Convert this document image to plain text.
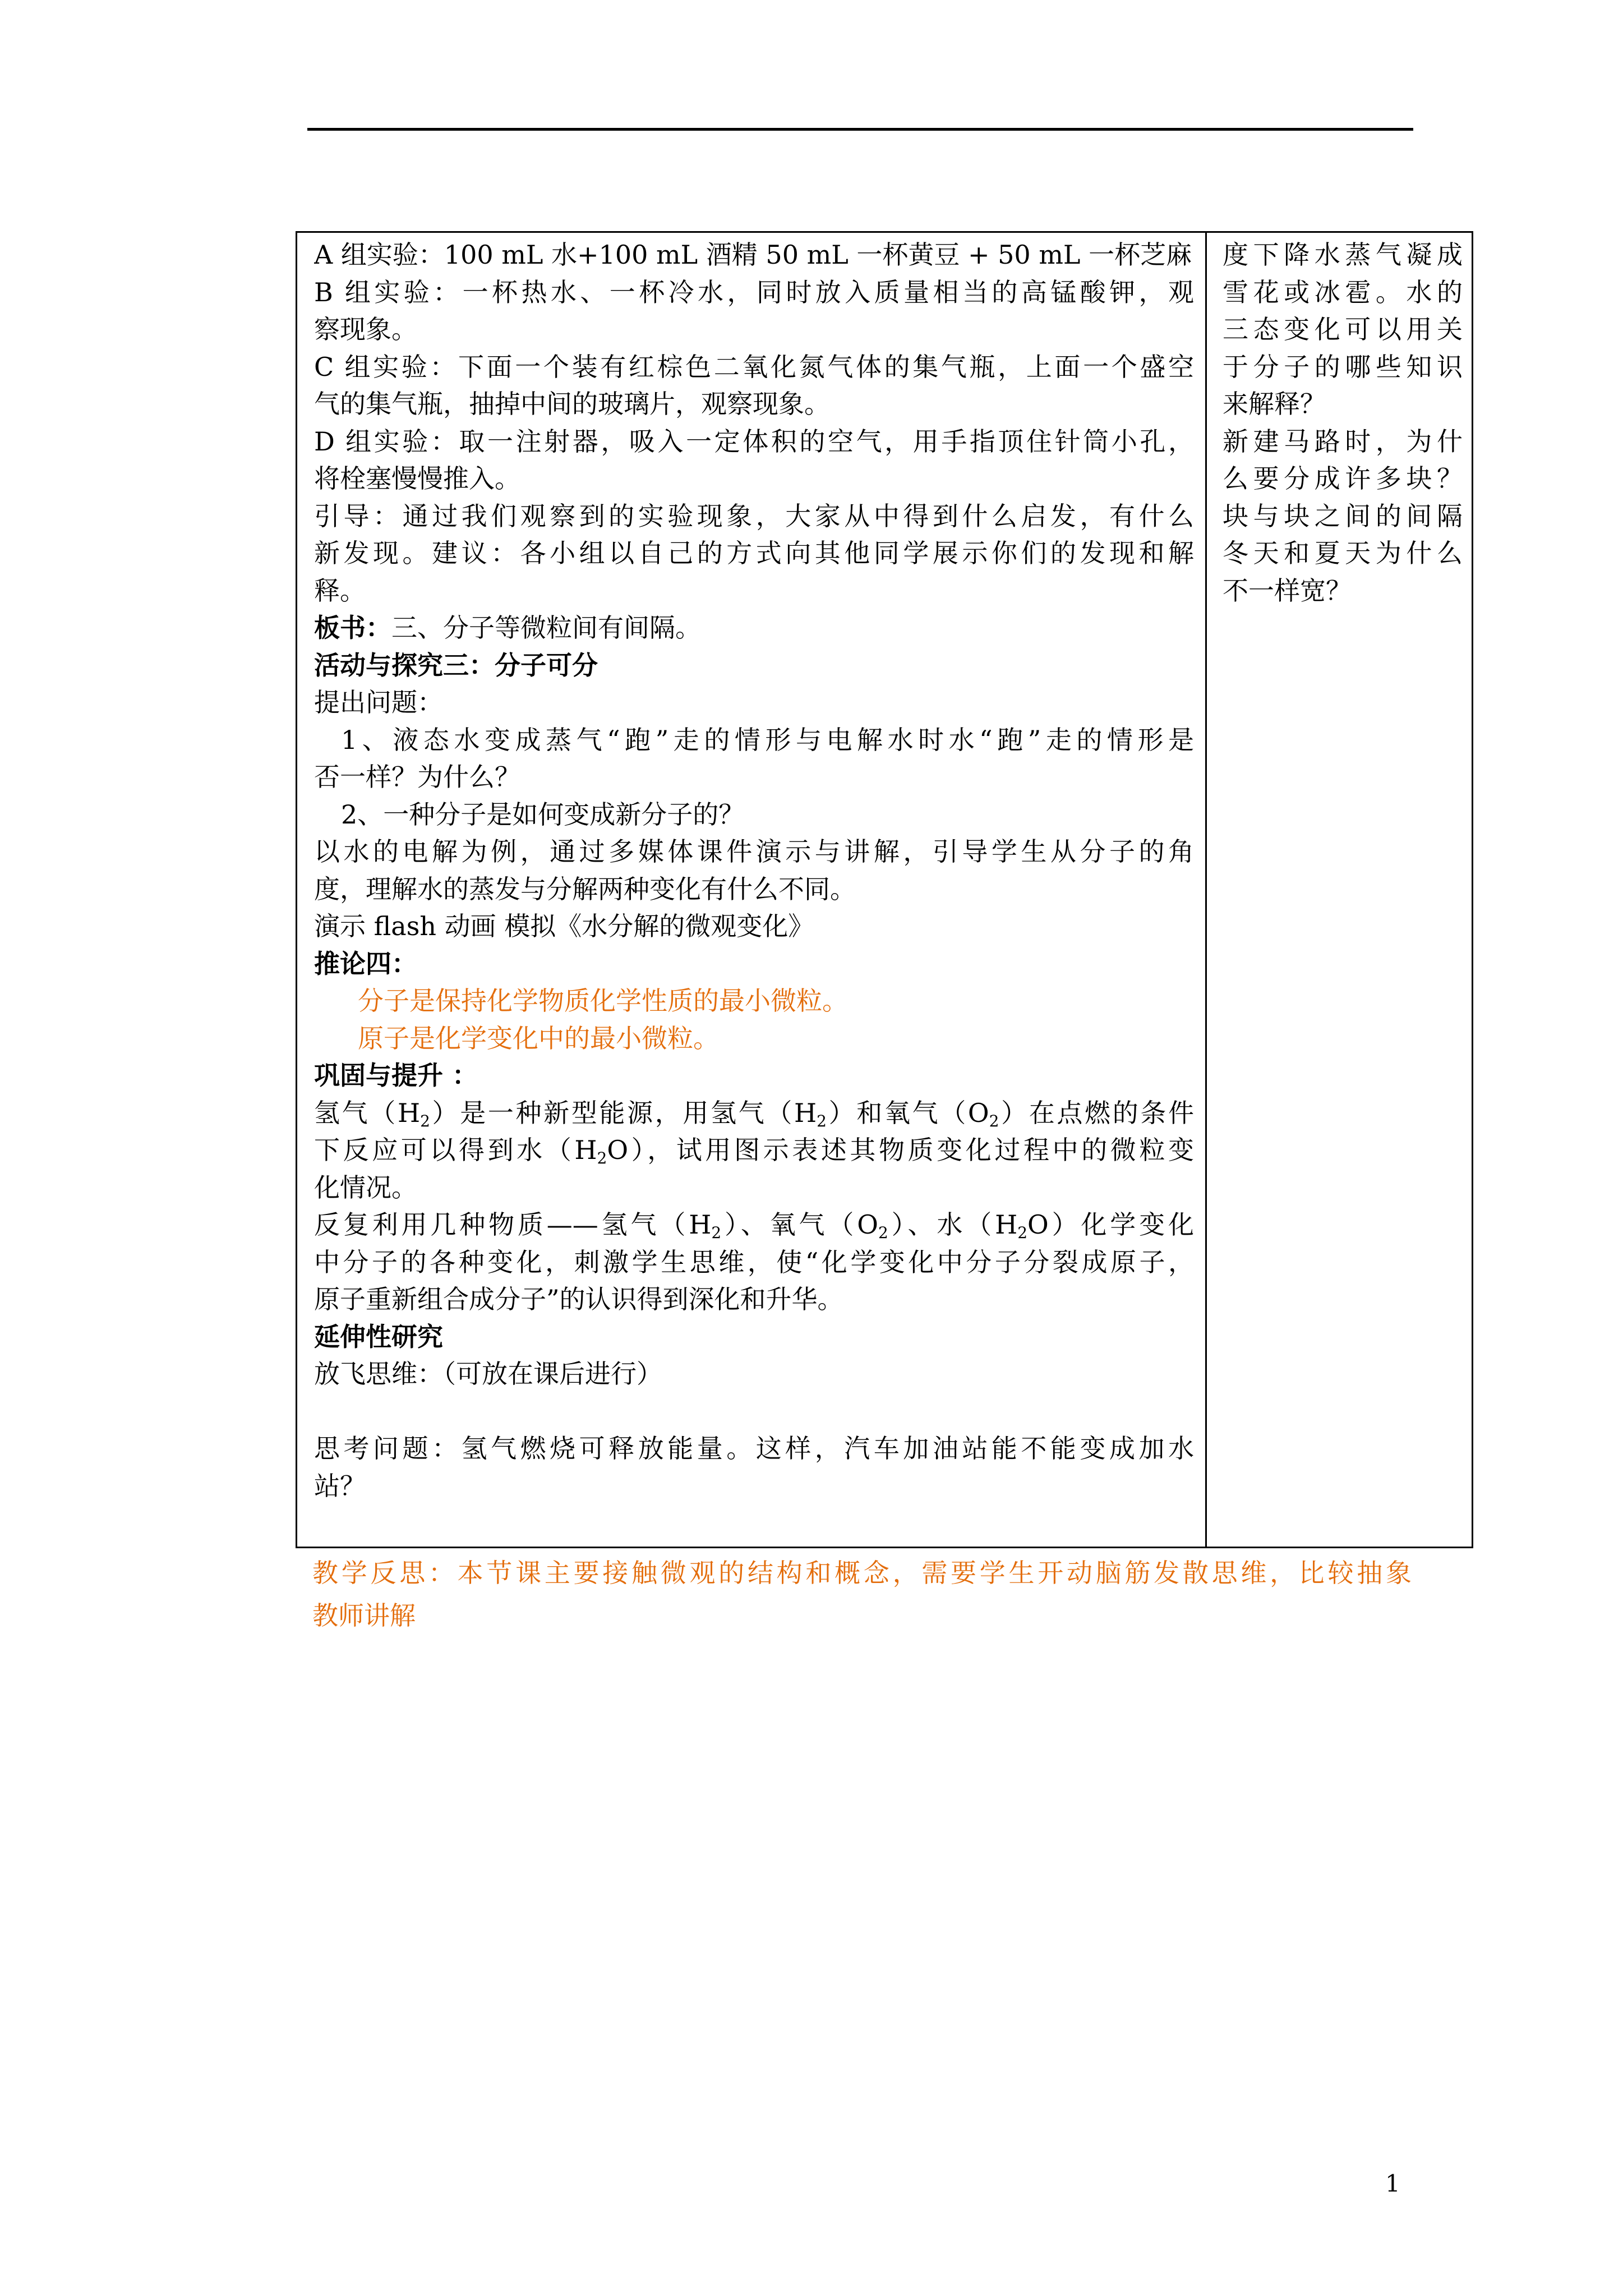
A 组实验：100 mL 水+100 mL 酒精 50 mL 一杯黄豆 + 50 mL 一杯芝麻
B 组实验：一杯热水、一杯冷水，同时放入质量相当的高锰酸钾，观
察现象。
C 组实验：下面一个装有红棕色二氧化氮气体的集气瓶，上面一个盛空
气的集气瓶，抽掉中间的玻璃片，观察现象。
D 组实验：取一注射器，吸入一定体积的空气，用手指顶住针筒小孔，
将栓塞慢慢推入。
引导：通过我们观察到的实验现象，大家从中得到什么启发，有什么
新发现。建议：各小组以自己的方式向其他同学展示你们的发现和解
释。
板书：三、分子等微粒间有间隔。
活动与探究三：分子可分
提出问题：
1、液态水变成蒸气“跑”走的情形与电解水时水“跑”走的情形是
否一样？为什么？
2、一种分子是如何变成新分子的？
以水的电解为例，通过多媒体课件演示与讲解，引导学生从分子的角
度，理解水的蒸发与分解两种变化有什么不同。
演示 flash 动画 模拟《水分解的微观变化》
推论四：
分子是保持化学物质化学性质的最小微粒。
原子是化学变化中的最小微粒。
巩固与提升 ：
氢气$(H_2)$是一种新型能源，用氢气$(H_2)$和氧气$(O_2)$在点燃的条件
下反应可以得到水$(H_2O)$，试用图示表述其物质变化过程中的微粒变
化情况。
反复利用几种物质——氢气$(H_2)$、氧气$(O_2)$、水$(H_2O)$化学变化
中分子的各种变化，刺激学生思维，使“化学变化中分子分裂成原子，
原子重新组合成分子”的认识得到深化和升华。
延伸性研究
放飞思维：（可放在课后进行）
思考问题：氢气燃烧可释放能量。这样，汽车加油站能不能变成加水
站？
度下降水蒸气凝成
雪花或冰雹。水的
三态变化可以用关
于分子的哪些知识
来解释？
新建马路时，为什
么要分成许多块？
块与块之间的间隔
冬天和夏天为什么
不一样宽？
教学反思：本节课主要接触微观的结构和概念，需要学生开动脑筋发散思维，比较抽象
教师讲解
1
